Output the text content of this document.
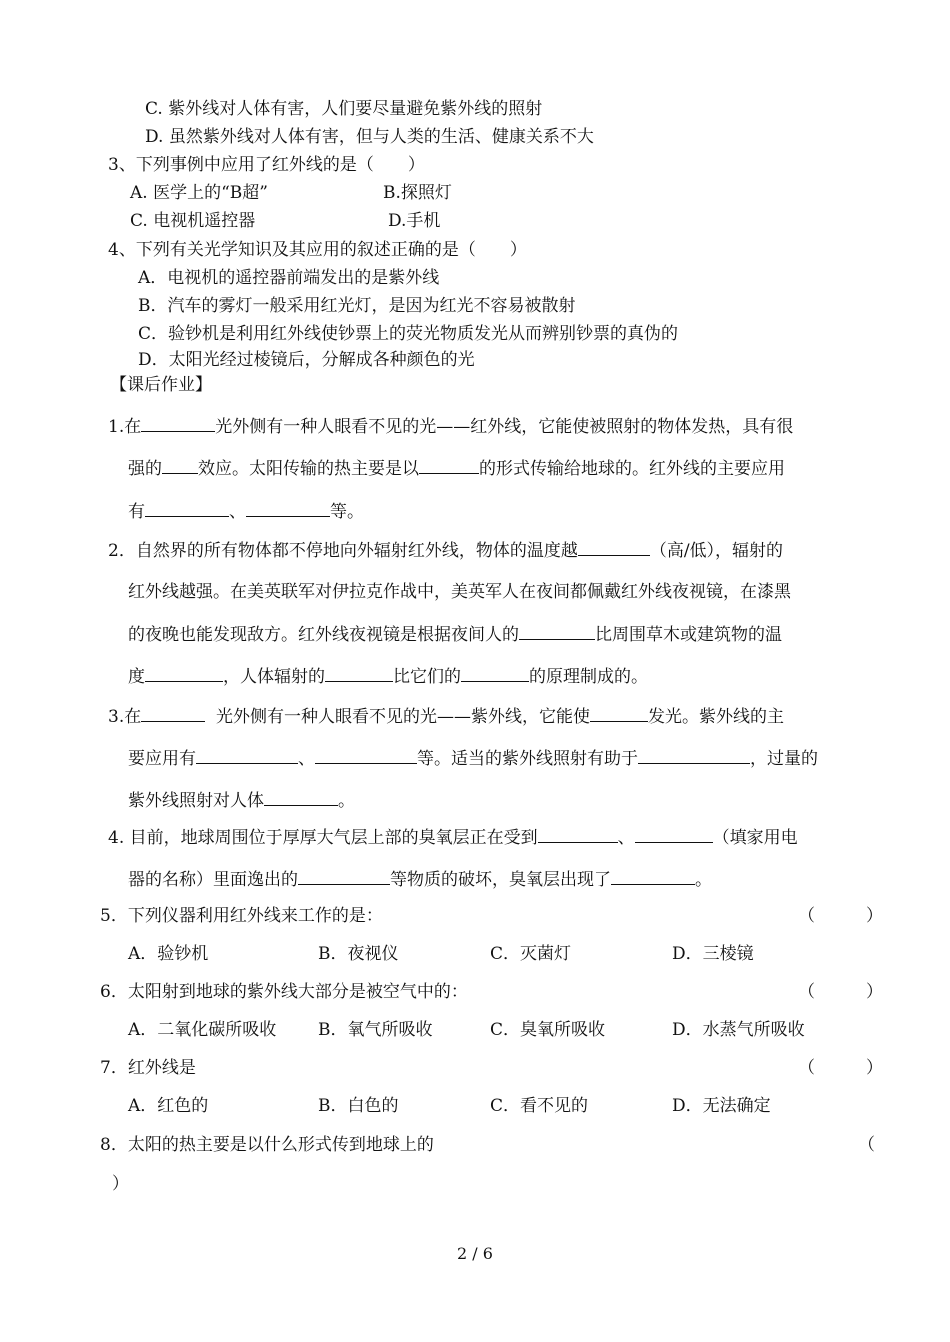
C. 紫外线对人体有害，人们要尽量避免紫外线的照射
D. 虽然紫外线对人体有害，但与人类的生活、健康关系不大
3、下列事例中应用了红外线的是（　　）
A. 医学上的“B超”	B.探照灯
C. 电视机遥控器	D.手机
4、下列有关光学知识及其应用的叙述正确的是（　　）
A．电视机的遥控器前端发出的是紫外线
B．汽车的雾灯一般采用红光灯，是因为红光不容易被散射
C．验钞机是利用红外线使钞票上的荧光物质发光从而辨别钞票的真伪的
D．太阳光经过棱镜后，分解成各种颜色的光
【课后作业】
1.在	光外侧有一种人眼看不见的光——红外线，它能使被照射的物体发热，具有很
强的 效应。太阳传输的热主要是以	的形式传输给地球的。红外线的主要应用
有	、	等。
2．自然界的所有物体都不停地向外辐射红外线，物体的温度越	（高/低），辐射的
红外线越强。在美英联军对伊拉克作战中，美英军人在夜间都佩戴红外线夜视镜，在漆黑
的夜晚也能发现敌方。红外线夜视镜是根据夜间人的	比周围草木或建筑物的温
度	，人体辐射的	比它们的	的原理制成的。
3.在	光外侧有一种人眼看不见的光——紫外线，它能使	发光。紫外线的主
要应用有	、	等。适当的紫外线照射有助于	，过量的
紫外线照射对人体	。
4. 目前，地球周围位于厚厚大气层上部的臭氧层正在受到	、	（填家用电
器的名称）里面逸出的	等物质的破坏，臭氧层出现了	。
5．下列仪器利用红外线来工作的是：	（　　　）
A．验钞机	B．夜视仪	C．灭菌灯	D．三棱镜
6．太阳射到地球的紫外线大部分是被空气中的：	（　　　）
A．二氧化碳所吸收 B．氧气所吸收	C．臭氧所吸收	D．水蒸气所吸收
7．红外线是	（　　　）
A．红色的	B．白色的	C．看不见的	D．无法确定
8．太阳的热主要是以什么形式传到地球上的	（
）
2 / 6
